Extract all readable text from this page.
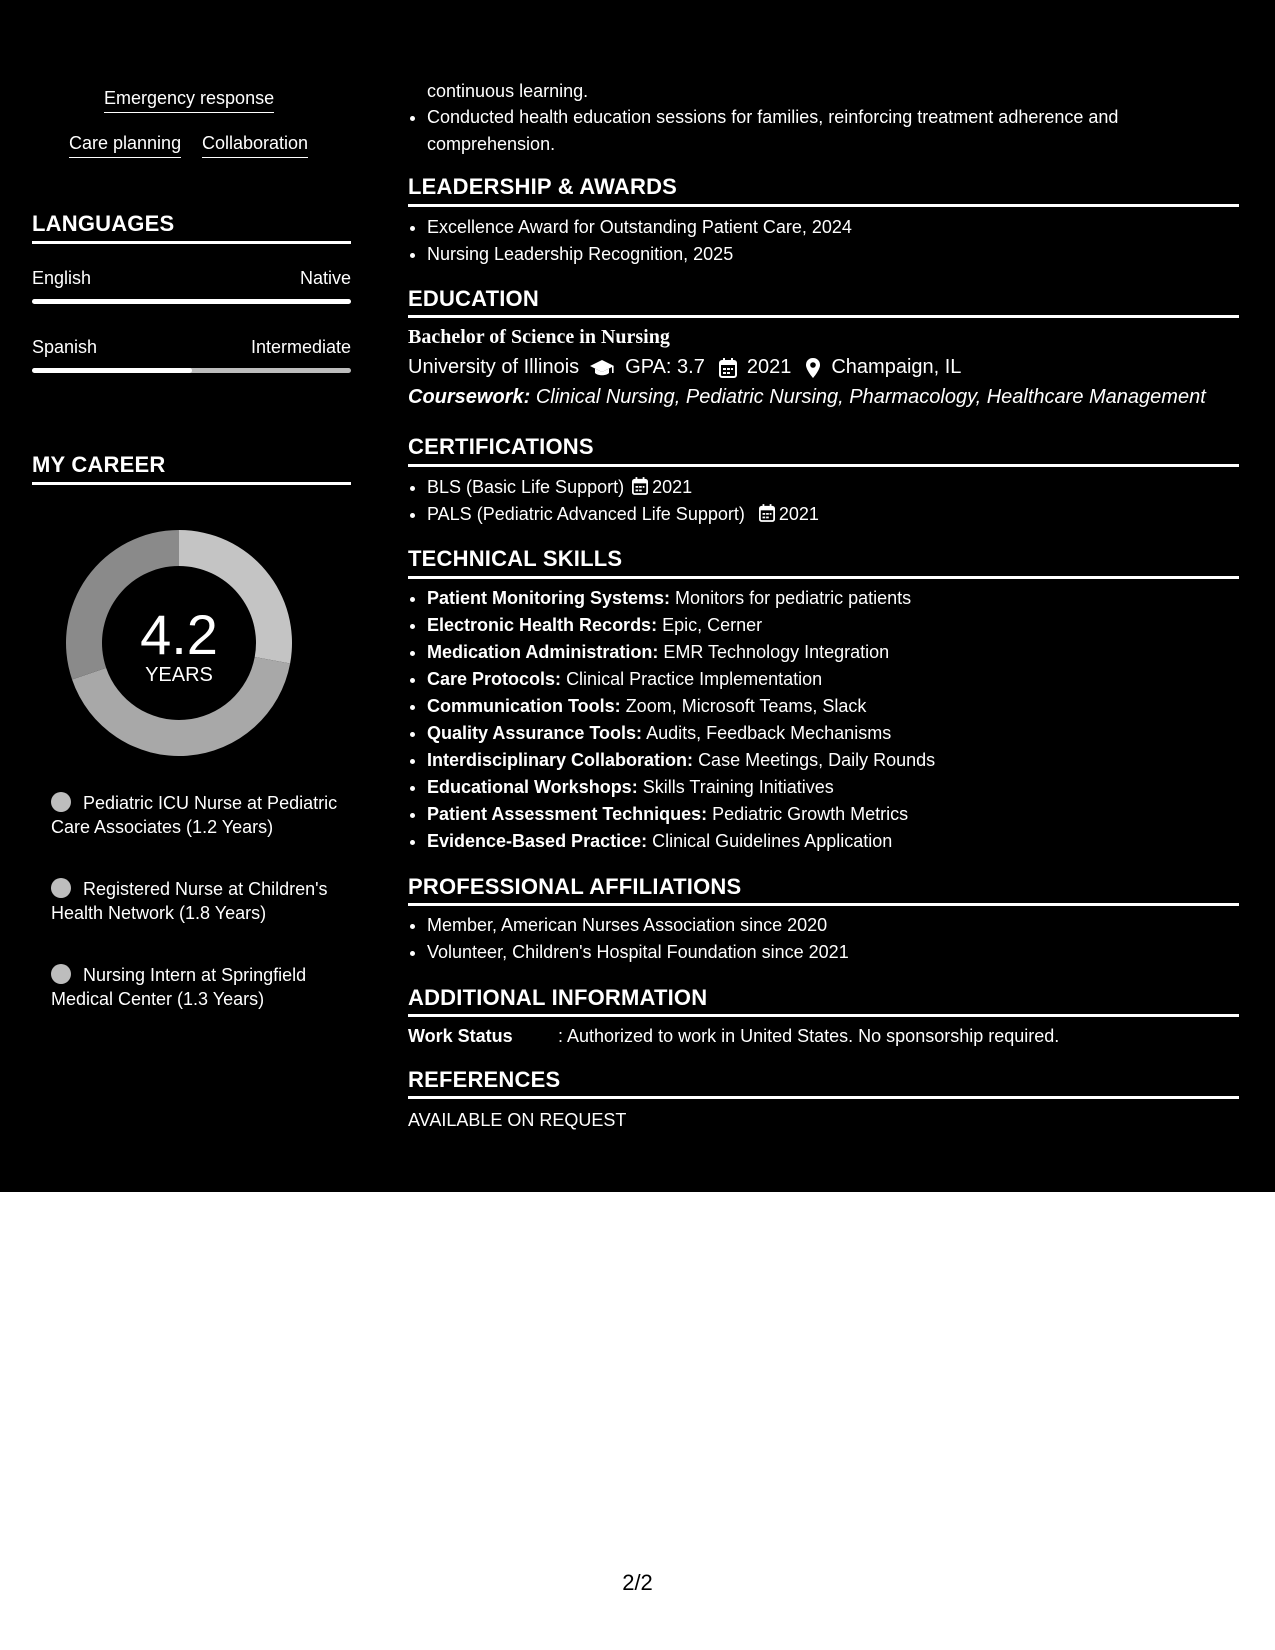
Emergency response
Care planning Collaboration
LANGUAGES
English	Native
Spanish	Intermediate
MY CAREER
4.2
YEARS
Pediatric ICU Nurse at Pediatric Care Associates (1.2 Years)
Registered Nurse at Children's Health Network (1.8 Years)
Nursing Intern at Springfield Medical Center (1.3 Years)
continuous learning.
• Conducted health education sessions for families, reinforcing treatment adherence and comprehension.
LEADERSHIP & AWARDS
• Excellence Award for Outstanding Patient Care, 2024
• Nursing Leadership Recognition, 2025
EDUCATION
Bachelor of Science in Nursing
University of Illinois GPA: 3.7 2021 Champaign, IL
Coursework: Clinical Nursing, Pediatric Nursing, Pharmacology, Healthcare Management
CERTIFICATIONS
• BLS (Basic Life Support) 2021
• PALS (Pediatric Advanced Life Support) 2021
TECHNICAL SKILLS
• Patient Monitoring Systems: Monitors for pediatric patients
• Electronic Health Records: Epic, Cerner
• Medication Administration: EMR Technology Integration
• Care Protocols: Clinical Practice Implementation
• Communication Tools: Zoom, Microsoft Teams, Slack
• Quality Assurance Tools: Audits, Feedback Mechanisms
• Interdisciplinary Collaboration: Case Meetings, Daily Rounds
• Educational Workshops: Skills Training Initiatives
• Patient Assessment Techniques: Pediatric Growth Metrics
• Evidence-Based Practice: Clinical Guidelines Application
PROFESSIONAL AFFILIATIONS
• Member, American Nurses Association since 2020
• Volunteer, Children's Hospital Foundation since 2021
ADDITIONAL INFORMATION
Work Status	: Authorized to work in United States. No sponsorship required.
REFERENCES
AVAILABLE ON REQUEST
2/2
